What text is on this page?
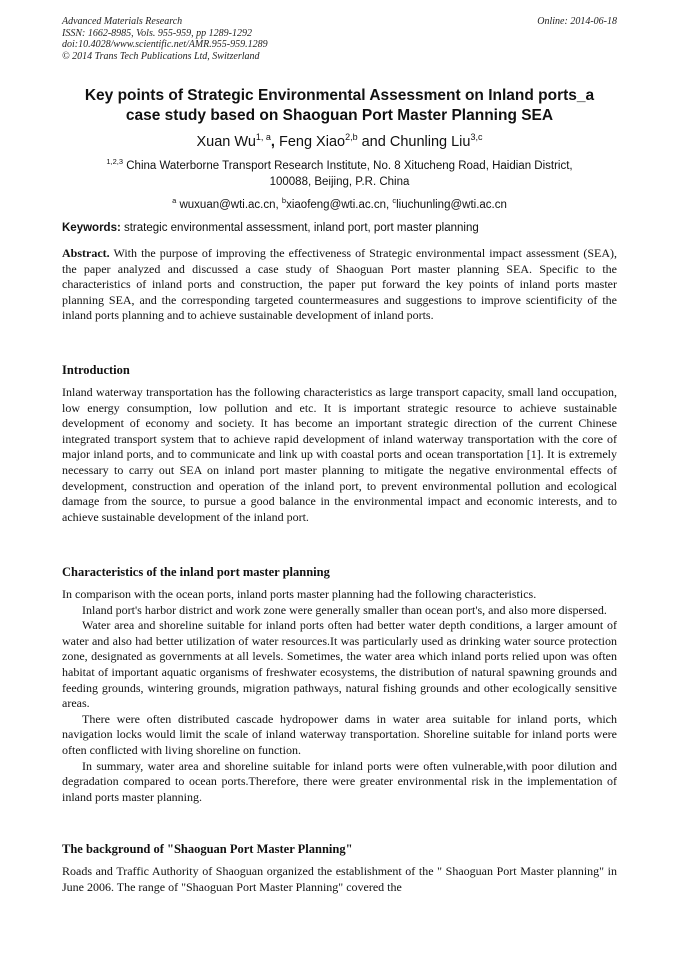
Advanced Materials Research
ISSN: 1662-8985, Vols. 955-959, pp 1289-1292
doi:10.4028/www.scientific.net/AMR.955-959.1289
© 2014 Trans Tech Publications Ltd, Switzerland
Online: 2014-06-18
Key points of Strategic Environmental Assessment on Inland ports_a
case study based on Shaoguan Port Master Planning SEA
Xuan Wu$^{1, a}$, Feng Xiao$^{2,b}$ and Chunling Liu$^{3,c}$
$^{1,2,3}$ China Waterborne Transport Research Institute, No. 8 Xitucheng Road, Haidian District,
100088, Beijing, P.R. China
$^a$ wuxuan@wti.ac.cn, $^b$xiaofeng@wti.ac.cn, $^c$liuchunling@wti.ac.cn
Keywords: strategic environmental assessment, inland port, port master planning
Abstract. With the purpose of improving the effectiveness of Strategic environmental impact assessment (SEA), the paper analyzed and discussed a case study of Shaoguan Port master planning SEA. Specific to the characteristics of inland ports and construction, the paper put forward the key points of inland ports master planning SEA, and the corresponding targeted countermeasures and suggestions to improve scientificity of the inland ports planning and to achieve sustainable development of inland ports.
Introduction
Inland waterway transportation has the following characteristics as large transport capacity, small land occupation, low energy consumption, low pollution and etc. It is important strategic resource to achieve sustainable development of economy and society. It has become an important strategic direction of the current Chinese integrated transport system that to achieve rapid development of inland waterway transportation with the core of major inland ports, and to communicate and link up with coastal ports and ocean transportation [1]. It is extremely necessary to carry out SEA on inland port master planning to mitigate the negative environmental effects of development, construction and operation of the inland port, to prevent environmental pollution and ecological damage from the source, to pursue a good balance in the environmental impact and economic interests, and to achieve sustainable development of the inland port.
Characteristics of the inland port master planning

In comparison with the ocean ports, inland ports master planning had the following characteristics.

Inland port's harbor district and work zone were generally smaller than ocean port's, and also more dispersed.

Water area and shoreline suitable for inland ports often had better water depth conditions, a larger amount of water and also had better utilization of water resources.It was particularly used as drinking water source protection zone, designated as governments at all levels. Sometimes, the water area which inland ports relied upon was often habitat of important aquatic organisms of freshwater ecosystems, the distribution of natural spawning grounds and feeding grounds, wintering grounds, migration pathways, natural fishing grounds and other ecologically sensitive areas.

There were often distributed cascade hydropower dams in water area suitable for inland ports, which navigation locks would limit the scale of inland waterway transportation. Shoreline suitable for inland ports were often conflicted with living shoreline on function.

In summary, water area and shoreline suitable for inland ports were often vulnerable,with poor dilution and degradation compared to ocean ports.Therefore, there were greater environmental risk in the implementation of inland ports master planning.

The background of "Shaoguan Port Master Planning"
Roads and Traffic Authority of Shaoguan organized the establishment of the " Shaoguan Port Master planning" in June 2006. The range of "Shaoguan Port Master Planning" covered the
